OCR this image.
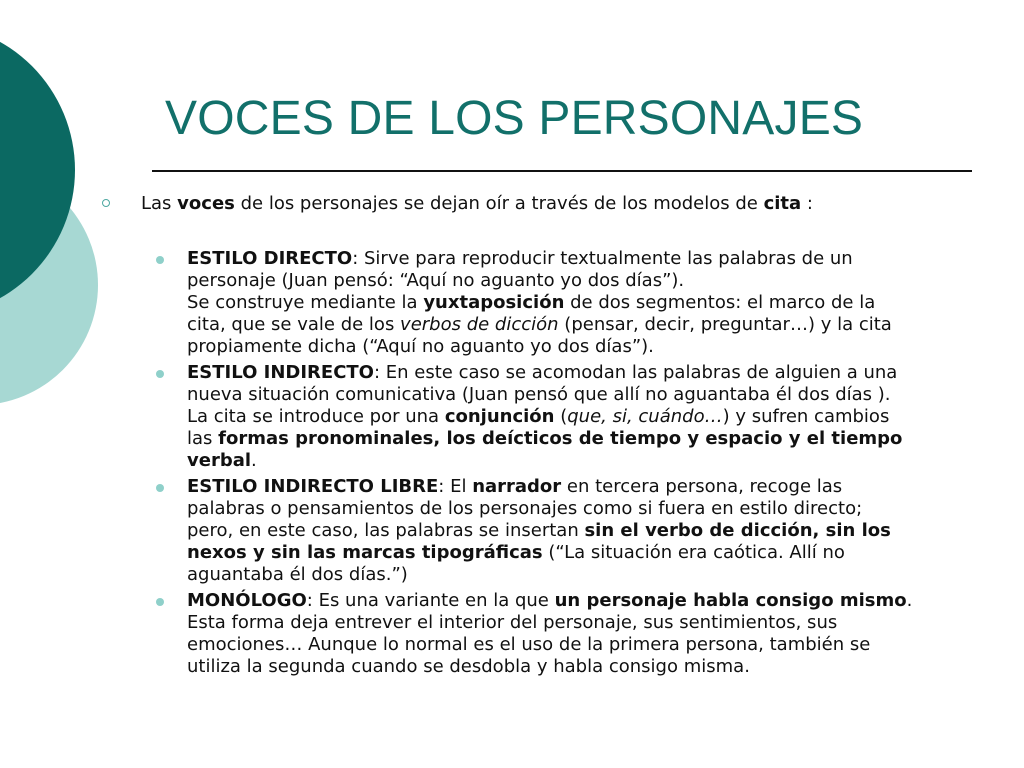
VOCES DE LOS PERSONAJES
Las voces de los personajes se dejan oír a través de los modelos de cita :
ESTILO DIRECTO: Sirve para reproducir textualmente las palabras de un
personaje (Juan pensó: “Aquí no aguanto yo dos días”).
Se construye mediante la yuxtaposición de dos segmentos: el marco de la
cita, que se vale de los verbos de dicción (pensar, decir, preguntar…) y la cita
propiamente dicha (“Aquí no aguanto yo dos días”).
ESTILO INDIRECTO: En este caso se acomodan las palabras de alguien a una
nueva situación comunicativa (Juan pensó que allí no aguantaba él dos días ).
La cita se introduce por una conjunción (que, si, cuándo…) y sufren cambios
las formas pronominales, los deícticos de tiempo y espacio y el tiempo
verbal.
ESTILO INDIRECTO LIBRE: El narrador en tercera persona, recoge las
palabras o pensamientos de los personajes como si fuera en estilo directo;
pero, en este caso, las palabras se insertan sin el verbo de dicción, sin los
nexos y sin las marcas tipográficas (“La situación era caótica. Allí no
aguantaba él dos días.”)
MONÓLOGO: Es una variante en la que un personaje habla consigo mismo.
Esta forma deja entrever el interior del personaje, sus sentimientos, sus
emociones… Aunque lo normal es el uso de la primera persona, también se
utiliza la segunda cuando se desdobla y habla consigo misma.
